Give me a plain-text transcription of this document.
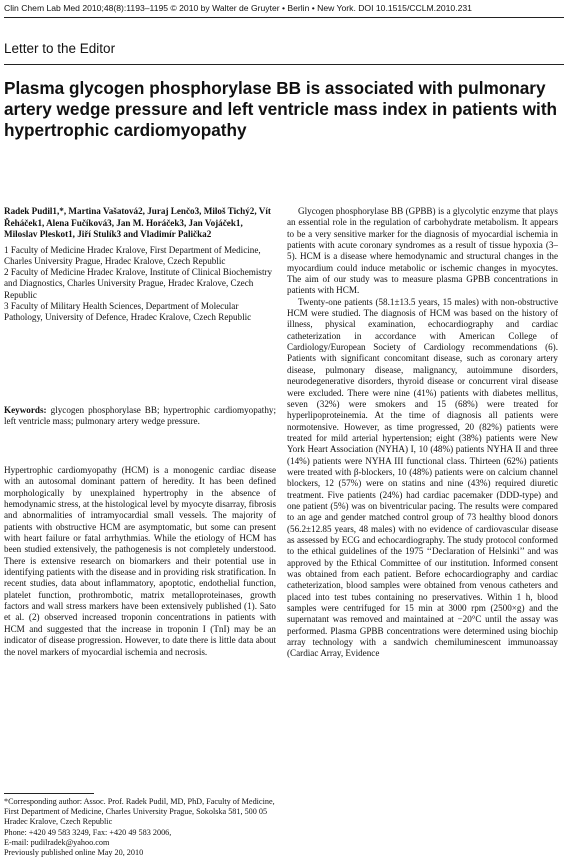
Clin Chem Lab Med 2010;48(8):1193–1195 © 2010 by Walter de Gruyter • Berlin • New York. DOI 10.1515/CCLM.2010.231
Letter to the Editor
Plasma glycogen phosphorylase BB is associated with pulmonary artery wedge pressure and left ventricle mass index in patients with hypertrophic cardiomyopathy

Radek Pudil1,*, Martina Vašatová2, Juraj Lenčo3, Miloš Tichý2, Vít Řeháček1, Alena Fučíková3, Jan M. Horáček3, Jan Vojáček1, Miloslav Pleskot1, Jiří Stulík3 and Vladimír Palička2

1 Faculty of Medicine Hradec Kralove, First Department of Medicine, Charles University Prague, Hradec Kralove, Czech Republic

2 Faculty of Medicine Hradec Kralove, Institute of Clinical Biochemistry and Diagnostics, Charles University Prague, Hradec Kralove, Czech Republic

3 Faculty of Military Health Sciences, Department of Molecular Pathology, University of Defence, Hradec Kralove, Czech Republic

Keywords: glycogen phosphorylase BB; hypertrophic cardiomyopathy; left ventricle mass; pulmonary artery wedge pressure.

Hypertrophic cardiomyopathy (HCM) is a monogenic cardiac disease with an autosomal dominant pattern of heredity. It has been defined morphologically by unexplained hypertrophy in the absence of hemodynamic stress, at the histological level by myocyte disarray, fibrosis and abnormalities of intramyocardial small vessels. The majority of patients with obstructive HCM are asymptomatic, but some can present with heart failure or fatal arrhythmias. While the etiology of HCM has been studied extensively, the pathogenesis is not completely understood. There is extensive research on biomarkers and their potential use in identifying patients with the disease and in providing risk stratification. In recent studies, data about inflammatory, apoptotic, endothelial function, platelet function, prothrombotic, matrix metalloproteinases, growth factors and wall stress markers have been extensively published (1). Sato et al. (2) observed increased troponin concentrations in patients with HCM and suggested that the increase in troponin I (TnI) may be an indicator of disease progression. However, to date there is little data about the novel markers of myocardial ischemia and necrosis.

*Corresponding author: Assoc. Prof. Radek Pudil, MD, PhD, Faculty of Medicine, First Department of Medicine, Charles University Prague, Sokolska 581, 500 05 Hradec Kralove, Czech Republic

Phone: +420 49 583 3249, Fax: +420 49 583 2006,

E-mail: pudilradek@yahoo.com

Previously published online May 20, 2010

Glycogen phosphorylase BB (GPBB) is a glycolytic enzyme that plays an essential role in the regulation of carbohydrate metabolism. It appears to be a very sensitive marker for the diagnosis of myocardial ischemia in patients with acute coronary syndromes as a result of tissue hypoxia (3–5). HCM is a disease where hemodynamic and structural changes in the myocardium could induce metabolic or ischemic changes in myocytes. The aim of our study was to measure plasma GPBB concentrations in patients with HCM.

Twenty-one patients (58.1±13.5 years, 15 males) with non-obstructive HCM were studied. The diagnosis of HCM was based on the history of illness, physical examination, echocardiography and cardiac catheterization in accordance with American College of Cardiology/European Society of Cardiology recommendations (6). Patients with significant concomitant disease, such as coronary artery disease, pulmonary disease, malignancy, autoimmune disorders, neurodegenerative disorders, thyroid disease or concurrent viral disease were excluded. There were nine (41%) patients with diabetes mellitus, seven (32%) were smokers and 15 (68%) were treated for hyperlipoproteinemia. At the time of diagnosis all patients were normotensive. However, as time progressed, 20 (82%) patients were treated for mild arterial hypertension; eight (38%) patients were New York Heart Association (NYHA) I, 10 (48%) patients NYHA II and three (14%) patients were NYHA III functional class. Thirteen (62%) patients were treated with β-blockers, 10 (48%) patients were on calcium channel blockers, 12 (57%) were on statins and nine (43%) required diuretic treatment. Five patients (24%) had cardiac pacemaker (DDD-type) and one patient (5%) was on biventricular pacing. The results were compared to an age and gender matched control group of 73 healthy blood donors (56.2±12.85 years, 48 males) with no evidence of cardiovascular disease as assessed by ECG and echocardiography. The study protocol conformed to the ethical guidelines of the 1975 ‘‘Declaration of Helsinki’’ and was approved by the Ethical Committee of our institution. Informed consent was obtained from each patient. Before echocardiography and cardiac catheterization, blood samples were obtained from venous catheters and placed into test tubes containing no preservatives. Within 1 h, blood samples were centrifuged for 15 min at 3000 rpm (2500×g) and the supernatant was removed and maintained at −20°C until the assay was performed. Plasma GPBB concentrations were determined using biochip array technology with a sandwich chemiluminescent immunoassay (Cardiac Array, Evidence
